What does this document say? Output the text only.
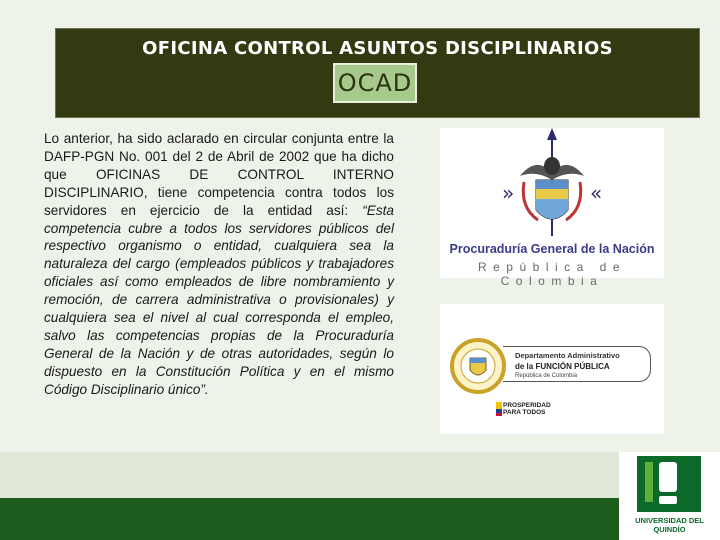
OFICINA CONTROL ASUNTOS DISCIPLINARIOS
OCAD
Lo anterior, ha sido aclarado en circular conjunta entre la DAFP-PGN No. 001 del 2 de Abril de 2002 que ha dicho que OFICINAS DE CONTROL INTERNO DISCIPLINARIO, tiene competencia contra todos los servidores en ejercicio de la entidad así: “Esta competencia cubre a todos los servidores públicos del respectivo organismo o entidad, cualquiera sea la naturaleza del cargo (empleados públicos y trabajadores oficiales así como empleados de libre nombramiento y remoción, de carrera administrativa o provisionales) y cualquiera sea el nivel al cual corresponda el empleo, salvo las competencias propias de la Procuraduría General de la Nación y de otras autoridades, según lo dispuesto en la Constitución Política y en el mismo Código Disciplinario único”.
»	«
Procuraduría General de la Nación
República de Colombia
Departamento Administrativo
de la FUNCIÓN PÚBLICA
República de Colombia
PROSPERIDAD PARA TODOS
UNIVERSIDAD DEL QUINDÍO
